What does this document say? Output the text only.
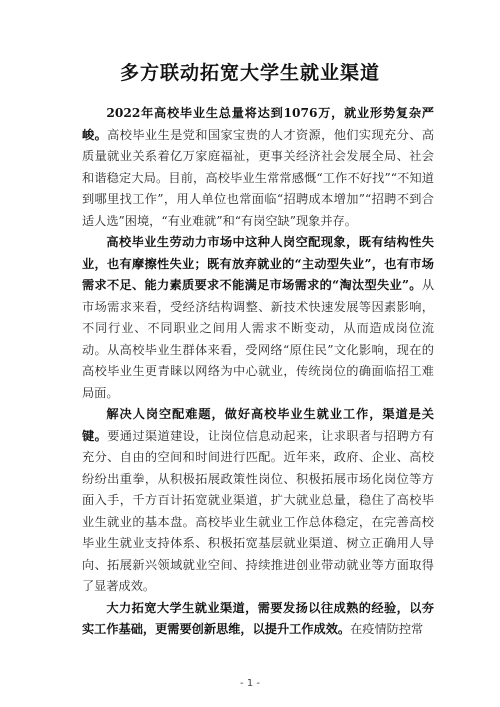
多方联动拓宽大学生就业渠道

2022年高校毕业生总量将达到1076万，就业形势复杂严峻。高校毕业生是党和国家宝贵的人才资源，他们实现充分、高质量就业关系着亿万家庭福祉，更事关经济社会发展全局、社会和谐稳定大局。目前，高校毕业生常常感慨“工作不好找”“不知道到哪里找工作”，用人单位也常面临“招聘成本增加”“招聘不到合适人选”困境，“有业难就”和“有岗空缺”现象并存。

高校毕业生劳动力市场中这种人岗空配现象，既有结构性失业，也有摩擦性失业；既有放弃就业的“主动型失业”，也有市场需求不足、能力素质要求不能满足市场需求的“淘汰型失业”。从市场需求来看，受经济结构调整、新技术快速发展等因素影响，不同行业、不同职业之间用人需求不断变动，从而造成岗位流动。从高校毕业生群体来看，受网络“原住民”文化影响，现在的高校毕业生更青睐以网络为中心就业，传统岗位的确面临招工难局面。

解决人岗空配难题，做好高校毕业生就业工作，渠道是关键。要通过渠道建设，让岗位信息动起来，让求职者与招聘方有充分、自由的空间和时间进行匹配。近年来，政府、企业、高校纷纷出重拳，从积极拓展政策性岗位、积极拓展市场化岗位等方面入手，千方百计拓宽就业渠道，扩大就业总量，稳住了高校毕业生就业的基本盘。高校毕业生就业工作总体稳定，在完善高校毕业生就业支持体系、积极拓宽基层就业渠道、树立正确用人导向、拓展新兴领域就业空间、持续推进创业带动就业等方面取得了显著成效。

大力拓宽大学生就业渠道，需要发扬以往成熟的经验，以夯实工作基础，更需要创新思维，以提升工作成效。在疫情防控常

- 1 -
